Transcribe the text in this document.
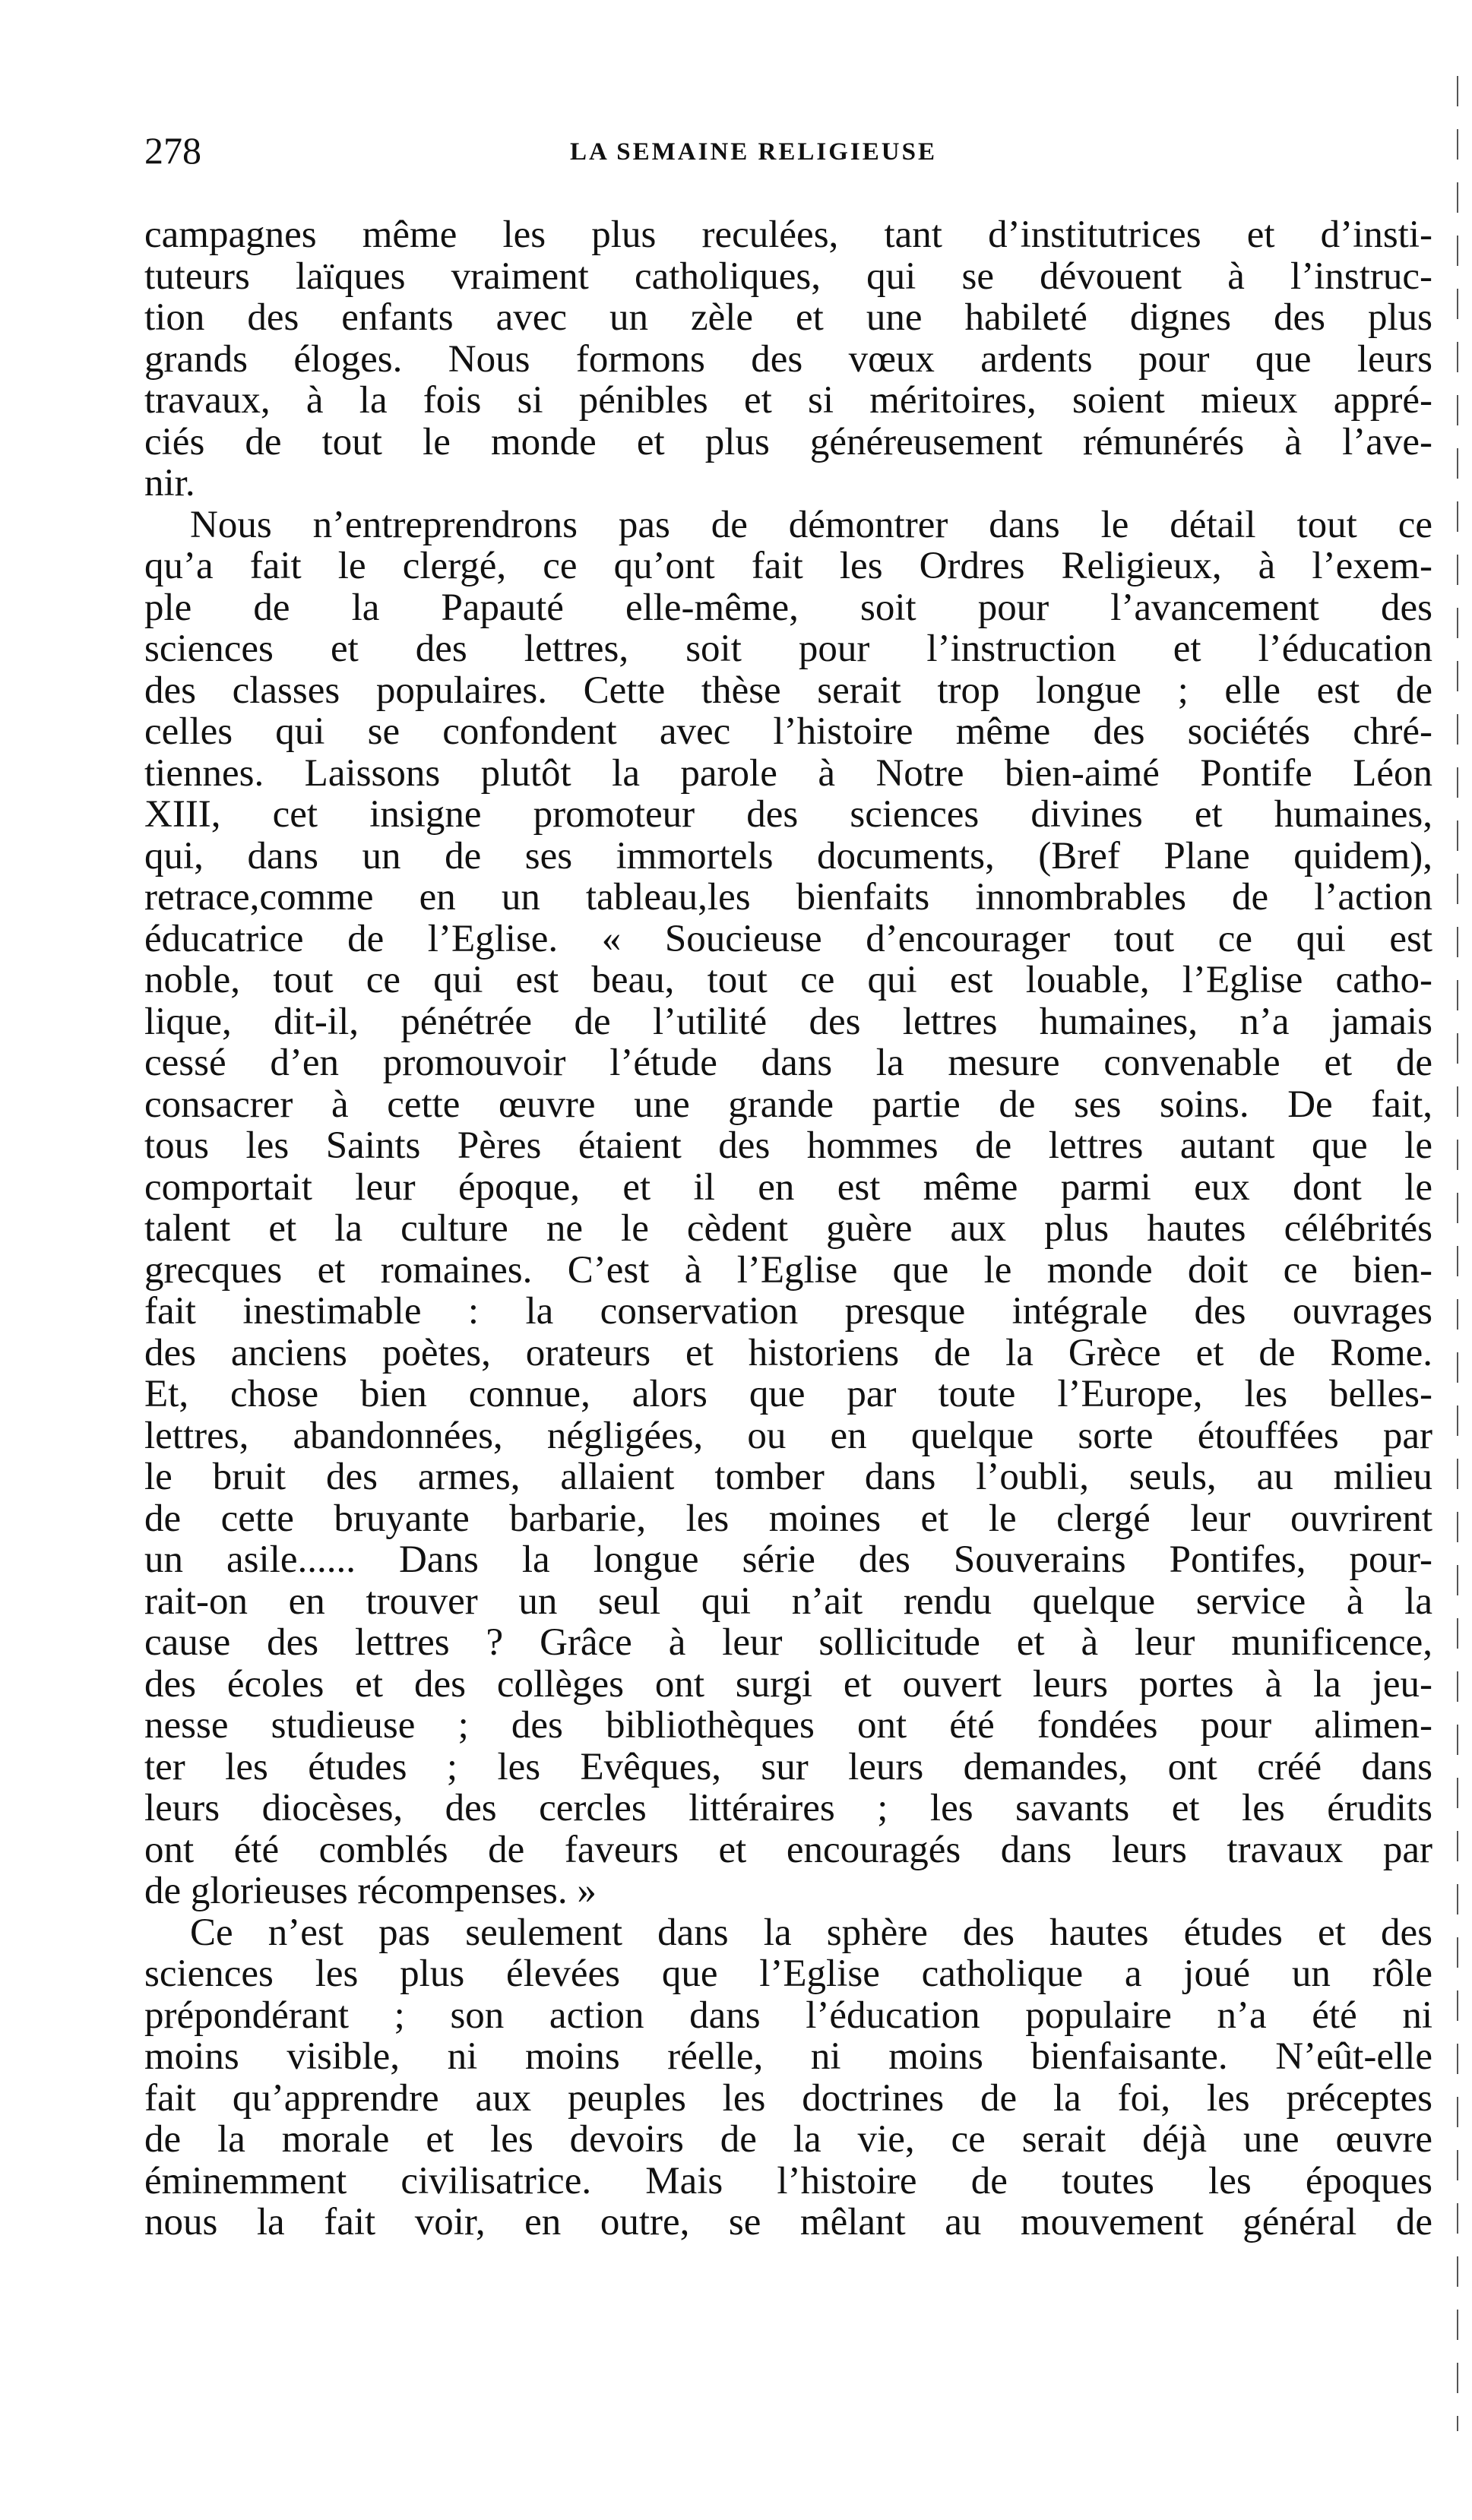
278	LA SEMAINE RELIGIEUSE
campagnes même les plus reculées, tant d’institutrices et d’insti-
tuteurs laïques vraiment catholiques, qui se dévouent à l’instruc-
tion des enfants avec un zèle et une habileté dignes des plus
grands éloges. Nous formons des vœux ardents pour que leurs
travaux, à la fois si pénibles et si méritoires, soient mieux appré-
ciés de tout le monde et plus généreusement rémunérés à l’ave-
nir.
Nous n’entreprendrons pas de démontrer dans le détail tout ce
qu’a fait le clergé, ce qu’ont fait les Ordres Religieux, à l’exem-
ple de la Papauté elle-même, soit pour l’avancement des
sciences et des lettres, soit pour l’instruction et l’éducation
des classes populaires. Cette thèse serait trop longue ; elle est de
celles qui se confondent avec l’histoire même des sociétés chré-
tiennes. Laissons plutôt la parole à Notre bien-aimé Pontife Léon
XIII, cet insigne promoteur des sciences divines et humaines,
qui, dans un de ses immortels documents, (Bref Plane quidem),
retrace,comme en un tableau,les bienfaits innombrables de l’action
éducatrice de l’Eglise. « Soucieuse d’encourager tout ce qui est
noble, tout ce qui est beau, tout ce qui est louable, l’Eglise catho-
lique, dit-il, pénétrée de l’utilité des lettres humaines, n’a jamais
cessé d’en promouvoir l’étude dans la mesure convenable et de
consacrer à cette œuvre une grande partie de ses soins. De fait,
tous les Saints Pères étaient des hommes de lettres autant que le
comportait leur époque, et il en est même parmi eux dont le
talent et la culture ne le cèdent guère aux plus hautes célébrités
grecques et romaines. C’est à l’Eglise que le monde doit ce bien-
fait inestimable : la conservation presque intégrale des ouvrages
des anciens poètes, orateurs et historiens de la Grèce et de Rome.
Et, chose bien connue, alors que par toute l’Europe, les belles-
lettres, abandonnées, négligées, ou en quelque sorte étouffées par
le bruit des armes, allaient tomber dans l’oubli, seuls, au milieu
de cette bruyante barbarie, les moines et le clergé leur ouvrirent
un asile...... Dans la longue série des Souverains Pontifes, pour-
rait-on en trouver un seul qui n’ait rendu quelque service à la
cause des lettres ? Grâce à leur sollicitude et à leur munificence,
des écoles et des collèges ont surgi et ouvert leurs portes à la jeu-
nesse studieuse ; des bibliothèques ont été fondées pour alimen-
ter les études ; les Evêques, sur leurs demandes, ont créé dans
leurs diocèses, des cercles littéraires ; les savants et les érudits
ont été comblés de faveurs et encouragés dans leurs travaux par
de glorieuses récompenses. »
Ce n’est pas seulement dans la sphère des hautes études et des
sciences les plus élevées que l’Eglise catholique a joué un rôle
prépondérant ; son action dans l’éducation populaire n’a été ni
moins visible, ni moins réelle, ni moins bienfaisante. N’eût-elle
fait qu’apprendre aux peuples les doctrines de la foi, les préceptes
de la morale et les devoirs de la vie, ce serait déjà une œuvre
éminemment civilisatrice. Mais l’histoire de toutes les époques
nous la fait voir, en outre, se mêlant au mouvement général de
